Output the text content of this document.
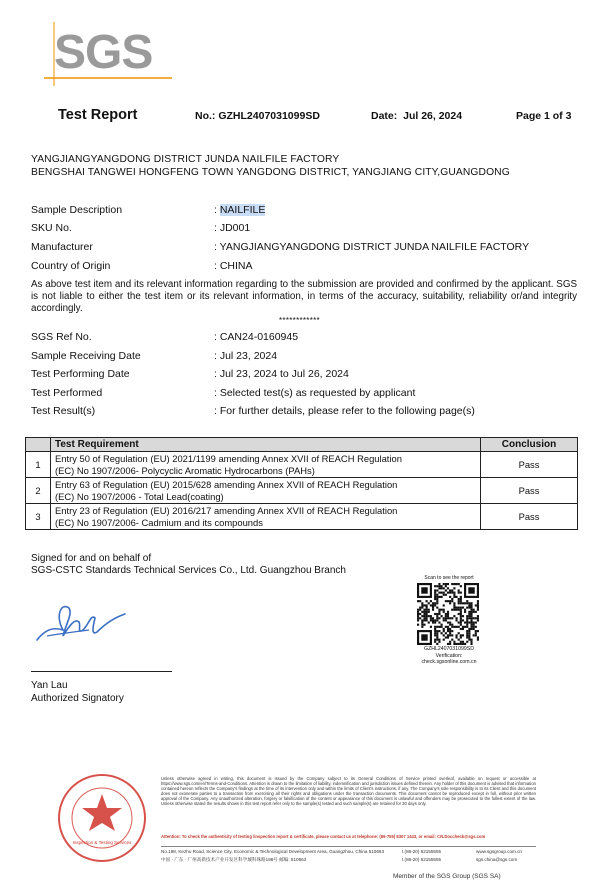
SGS
Test Report	No.: GZHL2407031099SD	Date: Jul 26, 2024	Page 1 of 3
YANGJIANGYANGDONG DISTRICT JUNDA NAILFILE FACTORY
BENGSHAI TANGWEI HONGFENG TOWN YANGDONG DISTRICT, YANGJIANG CITY,GUANGDONG
Sample Description	: NAILFILE
SKU No.	: JD001
Manufacturer	: YANGJIANGYANGDONG DISTRICT JUNDA NAILFILE FACTORY
Country of Origin	: CHINA
As above test item and its relevant information regarding to the submission are provided and confirmed by the applicant. SGS is not liable to either the test item or its relevant information, in terms of the accuracy, suitability, reliability or/and integrity accordingly.
************
SGS Ref No.	: CAN24-0160945
Sample Receiving Date	: Jul 23, 2024
Test Performing Date	: Jul 23, 2024 to Jul 26, 2024
Test Performed	: Selected test(s) as requested by applicant
Test Result(s)	: For further details, please refer to the following page(s)
	Test Requirement	Conclusion
1	Entry 50 of Regulation (EU) 2021/1199 amending Annex XVII of REACH Regulation
(EC) No 1907/2006- Polycyclic Aromatic Hydrocarbons (PAHs)	Pass
2	Entry 63 of Regulation (EU) 2015/628 amending Annex XVII of REACH Regulation
(EC) No 1907/2006 - Total Lead(coating)	Pass
3	Entry 23 of Regulation (EU) 2016/217 amending Annex XVII of REACH Regulation
(EC) No 1907/2006- Cadmium and its compounds	Pass
Signed for and on behalf of
SGS-CSTC Standards Technical Services Co., Ltd. Guangzhou Branch
Yan Lau
Authorized Signatory
Scan to see the report
GZHL2407031099SD
Verification:
check.sgsonline.com.cn
Inspection & Testing Services
Unless otherwise agreed in writing, this document is issued by the Company subject to its General Conditions of Service printed overleaf, available on request or accessible at https://www.sgs.com/en/Terms-and-Conditions. Attention is drawn to the limitation of liability, indemnification and jurisdiction issues defined therein. Any holder of this document is advised that information contained hereon reflects the Company's findings at the time of its intervention only and within the limits of Client's instructions, if any. The Company's sole responsibility is to its Client and this document does not exonerate parties to a transaction from exercising all their rights and obligations under the transaction documents. This document cannot be reproduced except in full, without prior written approval of the Company. Any unauthorized alteration, forgery or falsification of the content or appearance of this document is unlawful and offenders may be prosecuted to the fullest extent of the law. Unless otherwise stated the results shown in this test report refer only to the sample(s) tested and such sample(s) are retained for 30 days only.
Attention: To check the authenticity of testing /inspection report & certificate, please contact us at telephone: (86-755) 8307 1443, or email: CN.Doccheck@sgs.com
No.198, Kezhu Road, Science City, Economic & Technological Development Area, Guangzhou, China 510663
中国 · 广东 · 广州高新技术产业开发区科学城科珠路198号 邮编: 510663
t (86-20) 82155555
t (86-20) 82155555
www.sgsgroup.com.cn
sgs.china@sgs.com
Member of the SGS Group (SGS SA)
